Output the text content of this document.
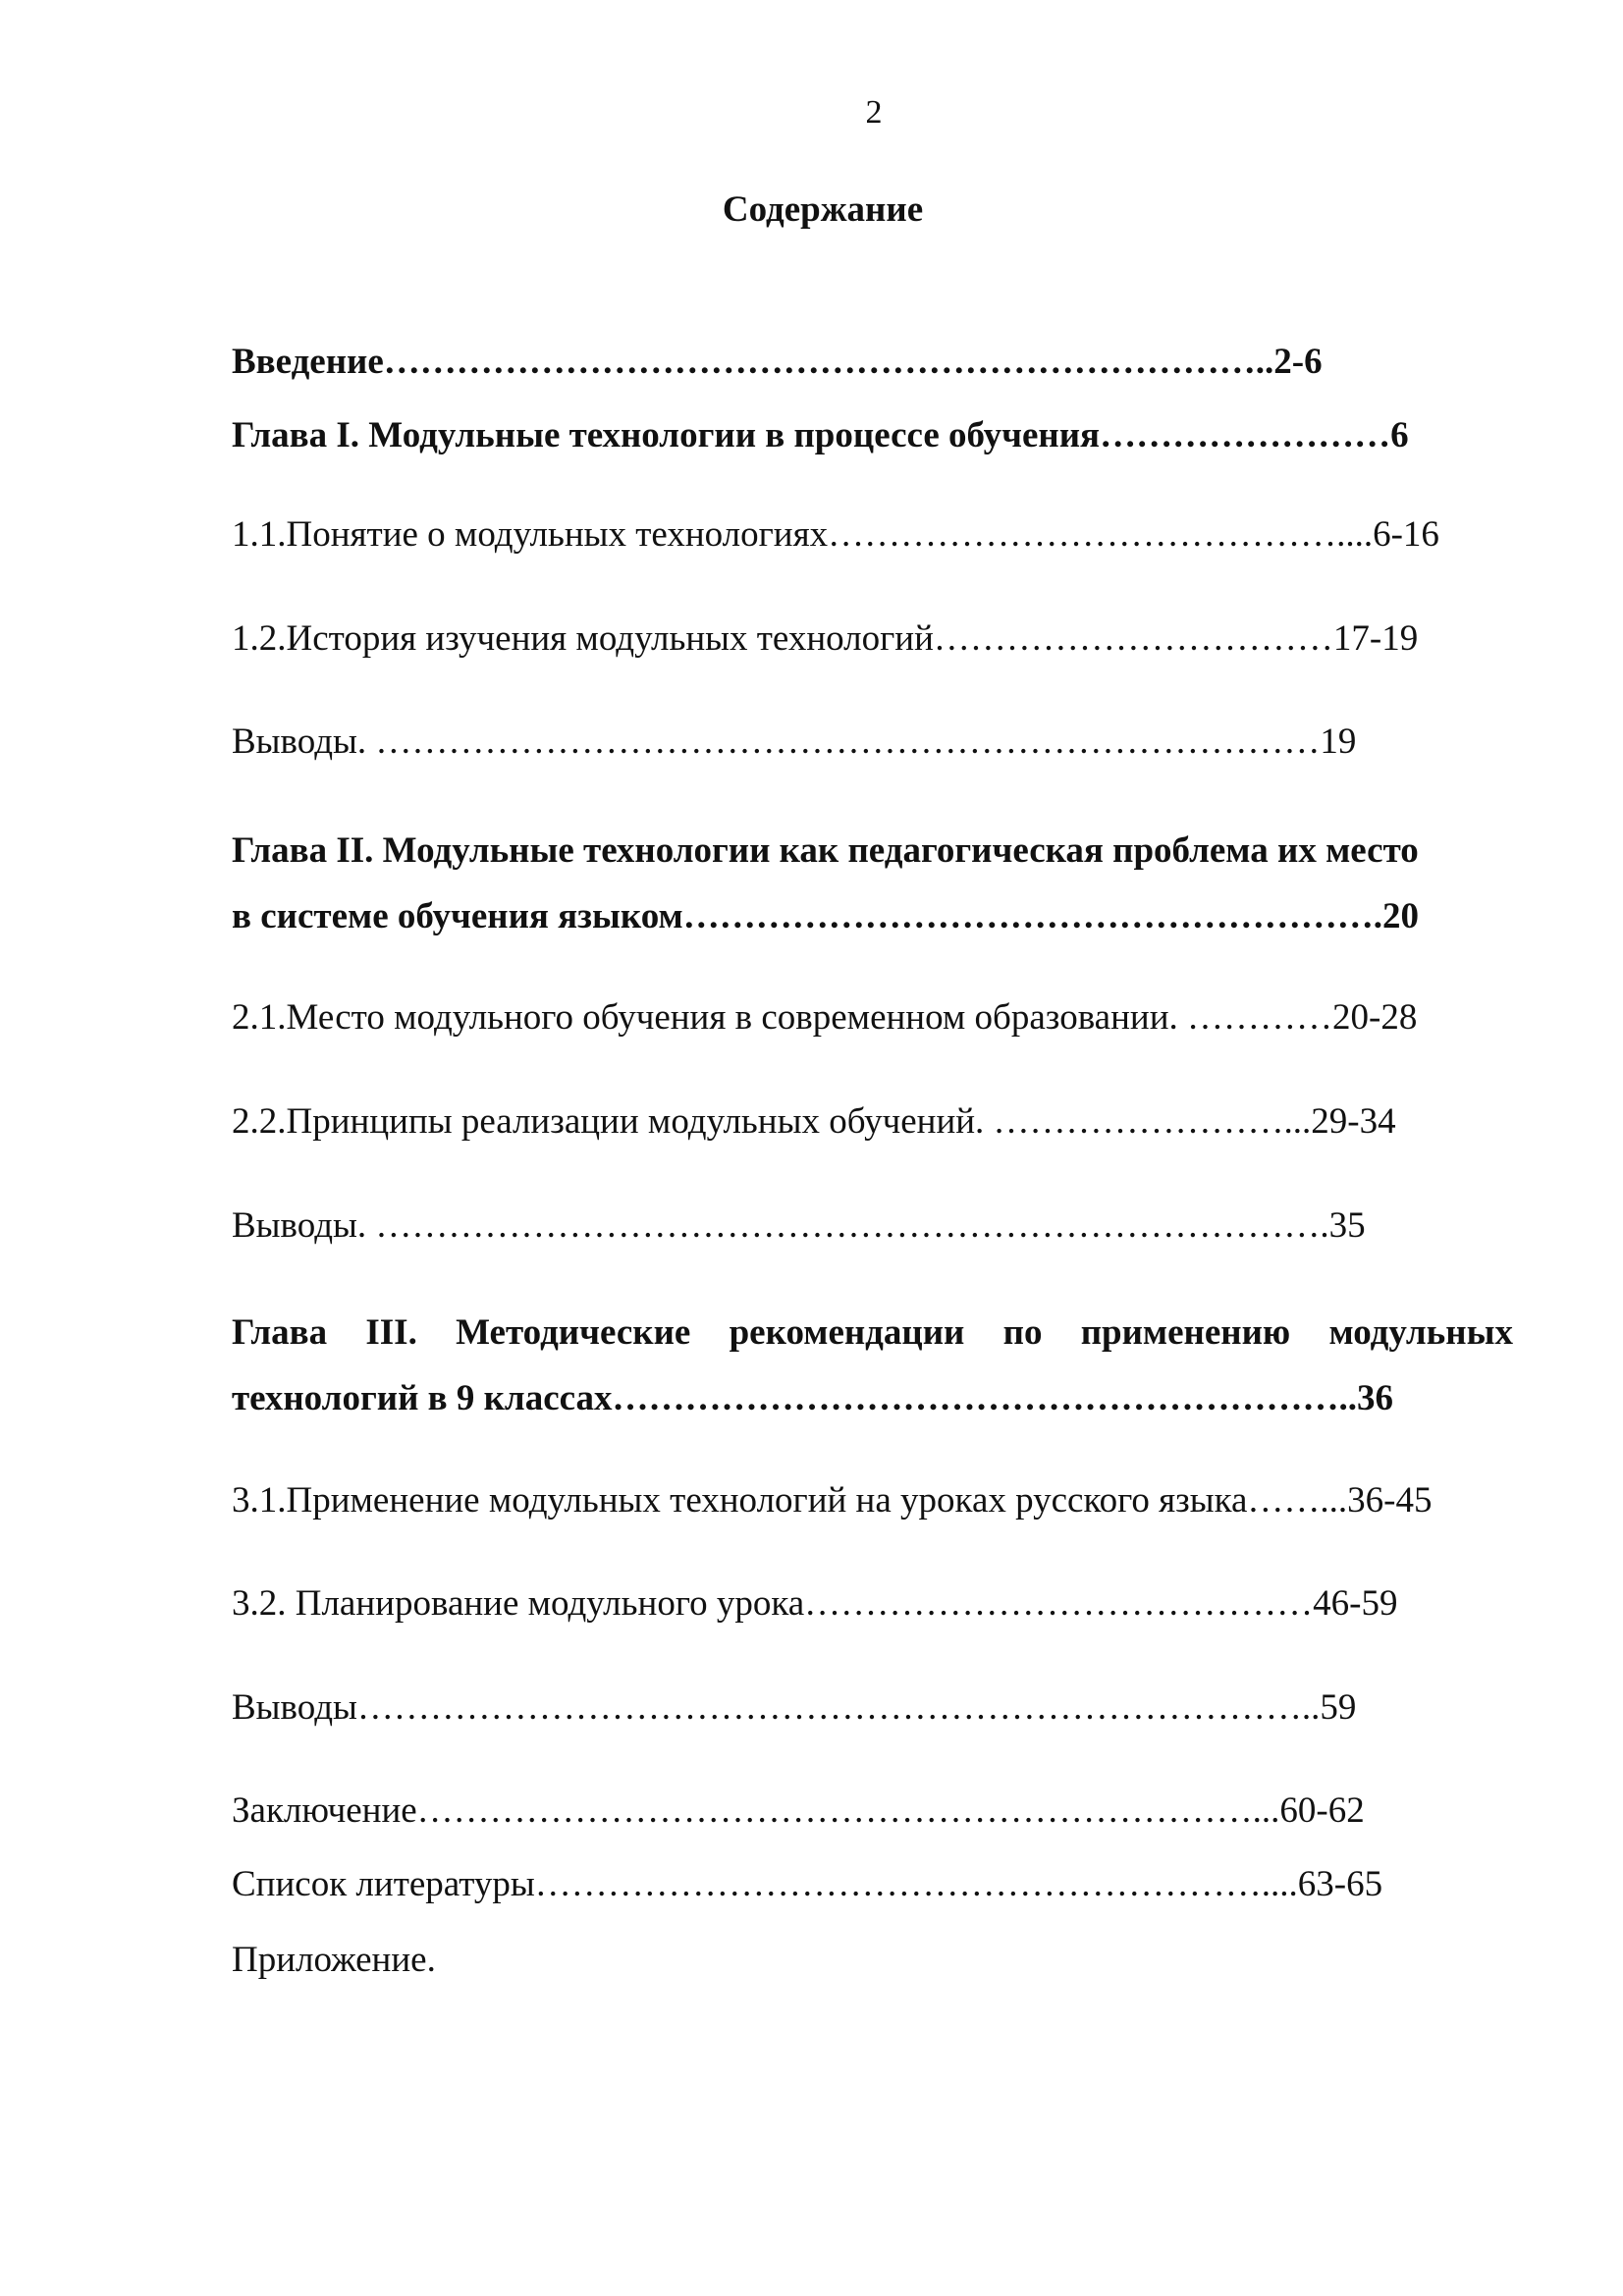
2
Содержание
Введение………………………………………………………………..2-6
Глава I. Модульные технологии в процессе обучения……………………6
1.1.Понятие о модульных технологиях……………………………………....6-16
1.2.История изучения модульных технологий……………………………17-19
Выводы. ……………………………………………………………………19
Глава II. Модульные технологии как педагогическая проблема их место
в системе обучения языком………………………………………………….20
2.1.Место модульного обучения в современном образовании. …………20-28
2.2.Принципы реализации модульных обучений. ……………………...29-34
Выводы. …………………………………………………………………….35
Глава III. Методические рекомендации по применению модульных
технологий в 9 классах……………………………………………………..36
3.1.Применение модульных технологий на уроках русского языка……...36-45
3.2. Планирование модульного урока……………………………………46-59
Выводы……………………………………………………………………..59
Заключение……………………………………………………………...60-62
Список литературы……………………………………………………....63-65
Приложение.
